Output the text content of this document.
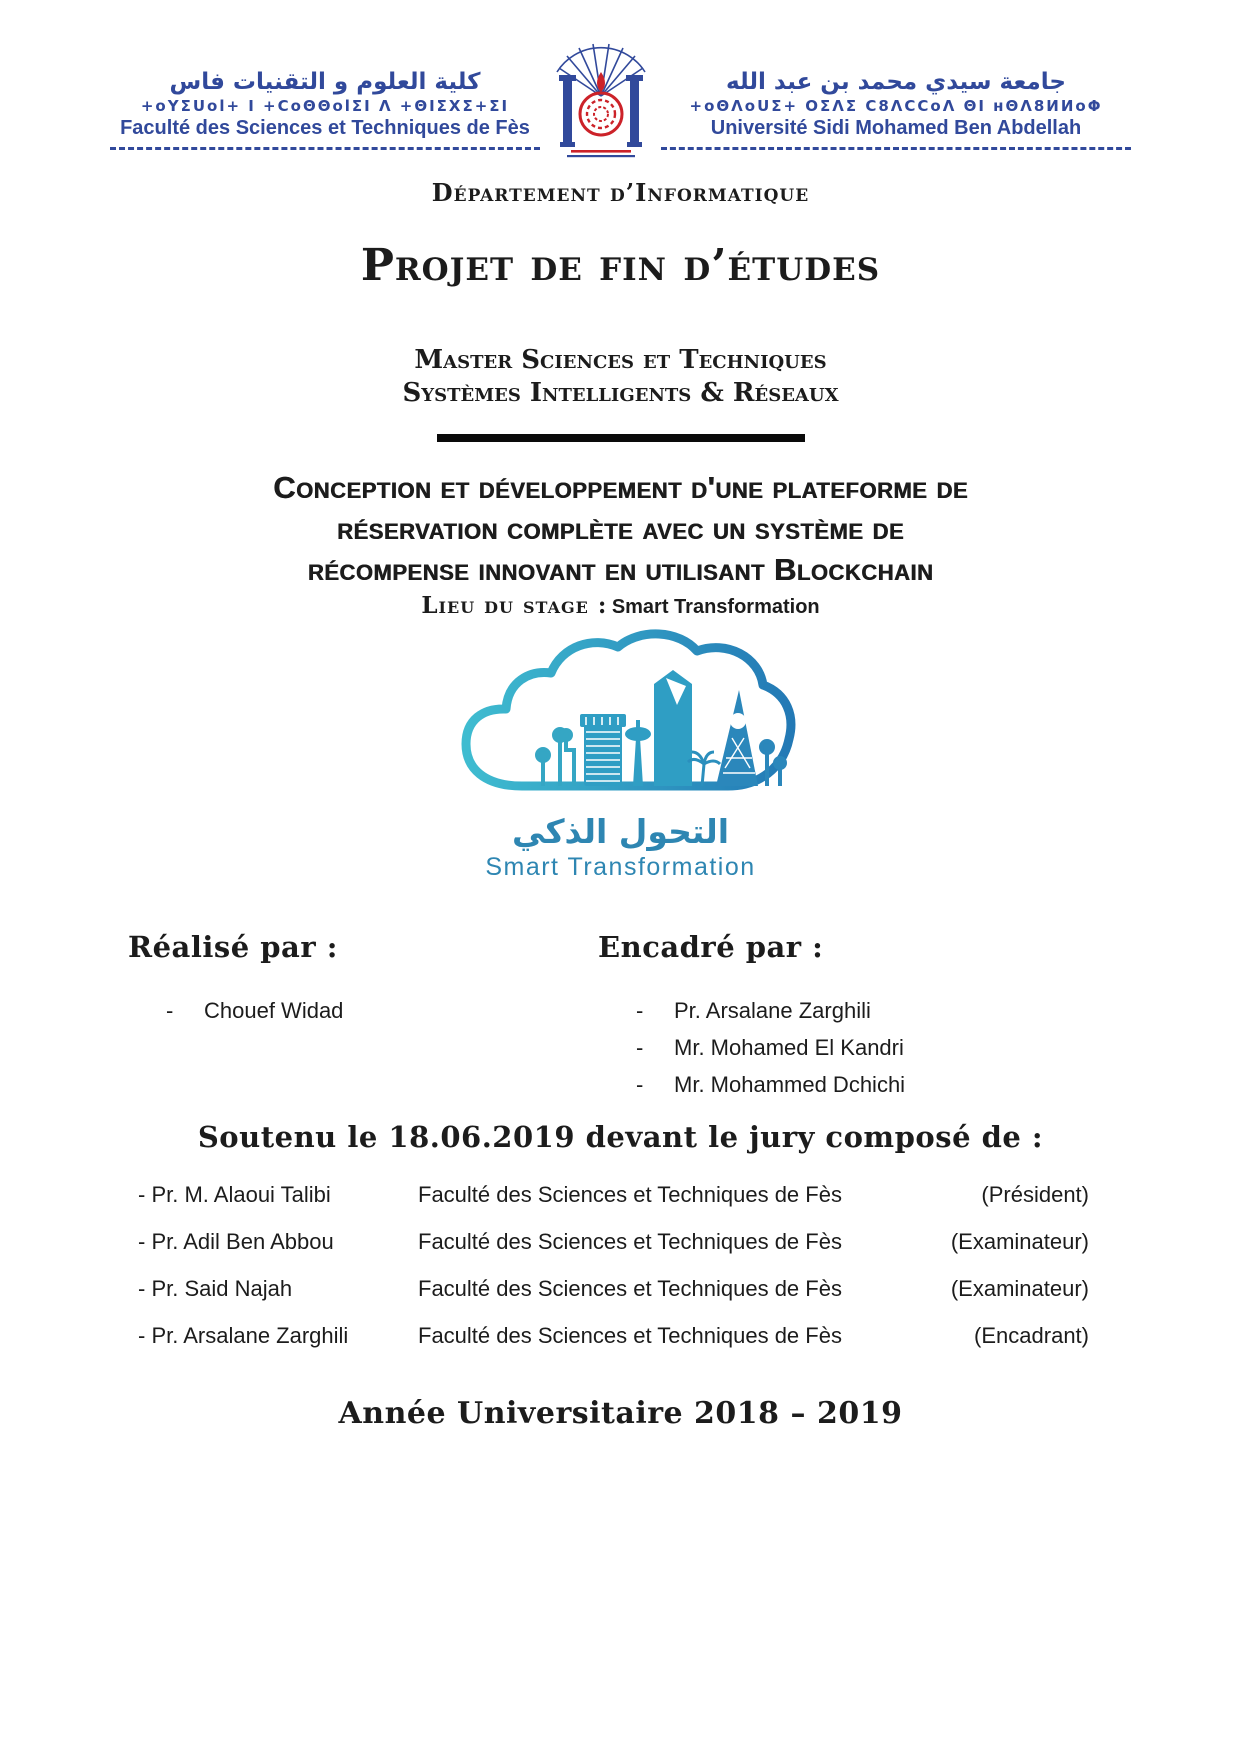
كلية العلوم و التقنيات فاس
+oYΣUol+ I +CoΘΘolΣI Λ +ΘIΣXΣ+ΣI
Faculté des Sciences et Techniques de Fès
جامعة سيدي محمد بن عبد الله
+oΘΛoUΣ+ OΣΛΣ C8ΛCCoΛ ΘI ʜΘΛ8ИИoΦ
Université Sidi Mohamed Ben Abdellah
Département d’Informatique
Projet de fin d’études
Master Sciences et Techniques
Systèmes Intelligents & Réseaux
Conception et développement d'une plateforme de
réservation complète avec un système de
récompense innovant en utilisant Blockchain
Lieu du stage : Smart Transformation
التحول الذكي
Smart Transformation
Réalisé par :
-	Chouef Widad
Encadré par :
-	Pr. Arsalane Zarghili
-	Mr. Mohamed El Kandri
-	Mr. Mohammed Dchichi
Soutenu le 18.06.2019 devant le jury composé de :
- Pr. M. Alaoui Talibi	Faculté des Sciences et Techniques de Fès	(Président)
- Pr. Adil Ben Abbou	Faculté des Sciences et Techniques de Fès	(Examinateur)
- Pr. Said Najah	Faculté des Sciences et Techniques de Fès	(Examinateur)
- Pr. Arsalane Zarghili	Faculté des Sciences et Techniques de Fès	(Encadrant)
Année Universitaire 2018 – 2019
